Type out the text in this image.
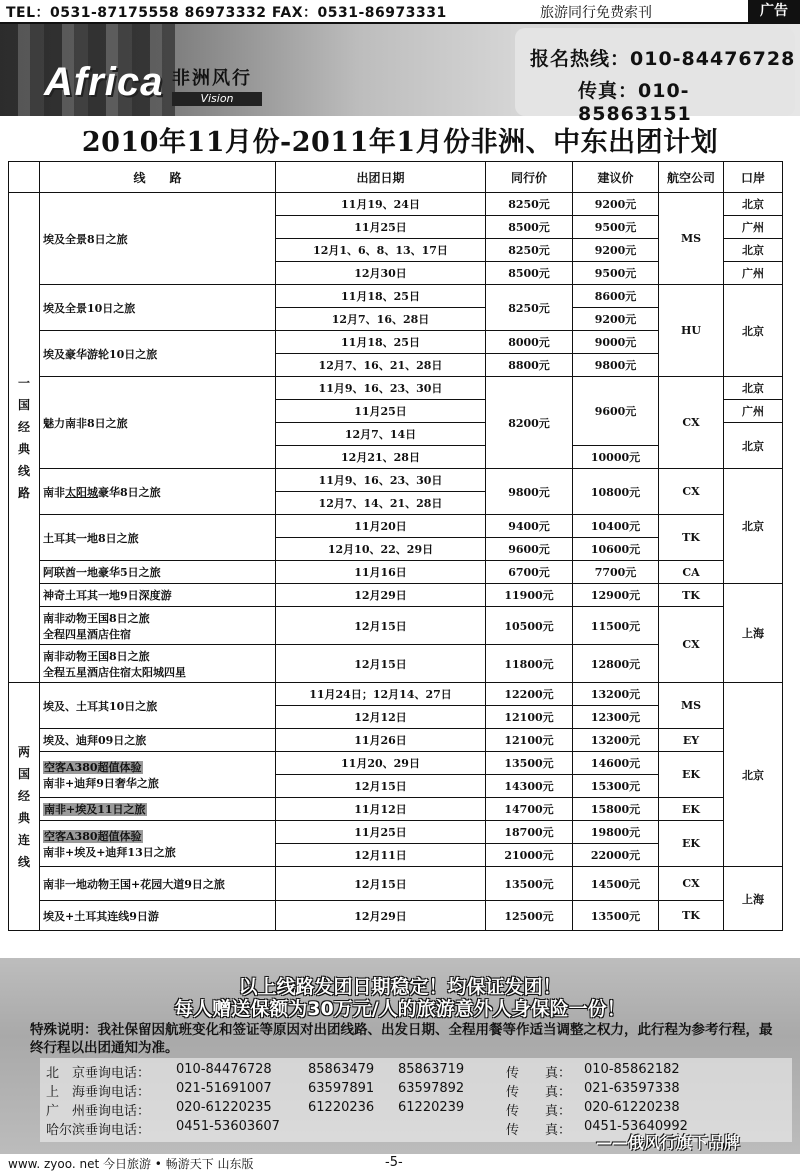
TEL：0531-87175558 86973332 FAX：0531-86973331	旅游同行免费索刊	广告
Africa 非洲风行
Vision
报名热线：010-84476728
传真：010-85863151
2010年11月份-2011年1月份非洲、中东出团计划
	线　　路	出团日期	同行价	建议价	航空公司	口岸
一国经典线路	埃及全景8日之旅	11月19、24日	8250元	9200元	MS	北京
		11月25日	8500元	9500元		广州
		12月1、6、8、13、17日	8250元	9200元		北京
		12月30日	8500元	9500元		广州
	埃及全景10日之旅	11月18、25日	8250元	8600元	HU	北京
		12月7、16、28日		9200元		
	埃及豪华游轮10日之旅	11月18、25日	8000元	9000元		
		12月7、16、21、28日	8800元	9800元		
	魅力南非8日之旅	11月9、16、23、30日	8200元	9600元	CX	北京
		11月25日				广州
		12月7、14日				北京
		12月21、28日		10000元		
	南非太阳城豪华8日之旅	11月9、16、23、30日	9800元	10800元	CX	北京
		12月7、14、21、28日				
	土耳其一地8日之旅	11月20日	9400元	10400元	TK	
		12月10、22、29日	9600元	10600元		
	阿联酋一地豪华5日之旅	11月16日	6700元	7700元	CA	
	神奇土耳其一地9日深度游	12月29日	11900元	12900元	TK	上海
	南非动物王国8日之旅
全程四星酒店住宿	12月15日	10500元	11500元	CX	
	南非动物王国8日之旅
全程五星酒店住宿太阳城四星	12月15日	11800元	12800元		
两国经典连线	埃及、土耳其10日之旅	11月24日；12月14、27日	12200元	13200元	MS	北京
		12月12日	12100元	12300元		
	埃及、迪拜09日之旅	11月26日	12100元	13200元	EY	
	空客A380超值体验
南非+迪拜9日奢华之旅	11月20、29日	13500元	14600元	EK	
		12月15日	14300元	15300元		
	南非+埃及11日之旅	11月12日	14700元	15800元	EK	
	空客A380超值体验
南非+埃及+迪拜13日之旅	11月25日	18700元	19800元	EK	
		12月11日	21000元	22000元		
	南非一地动物王国+花园大道9日之旅	12月15日	13500元	14500元	CX	上海
	埃及+土耳其连线9日游	12月29日	12500元	13500元	TK	
以上线路发团日期稳定！均保证发团！
每人赠送保额为30万元/人的旅游意外人身保险一份！
特殊说明：我社保留因航班变化和签证等原因对出团线路、出发日期、全程用餐等作适当调整之权力，此行程为参考行程，最终行程以出团通知为准。
北　京垂询电话： 010-84476728	85863479 85863719	传　　真： 010-85862182
上　海垂询电话： 021-51691007	63597891 63597892	传　　真： 021-63597338
广　州垂询电话： 020-61220235	61220236 61220239	传　　真： 020-61220238
哈尔滨垂询电话： 0451-53603607	传　　真： 0451-53640992
——俄风行旗下品牌
www. zyoo. net 今日旅游 • 畅游天下 山东版	-5-
